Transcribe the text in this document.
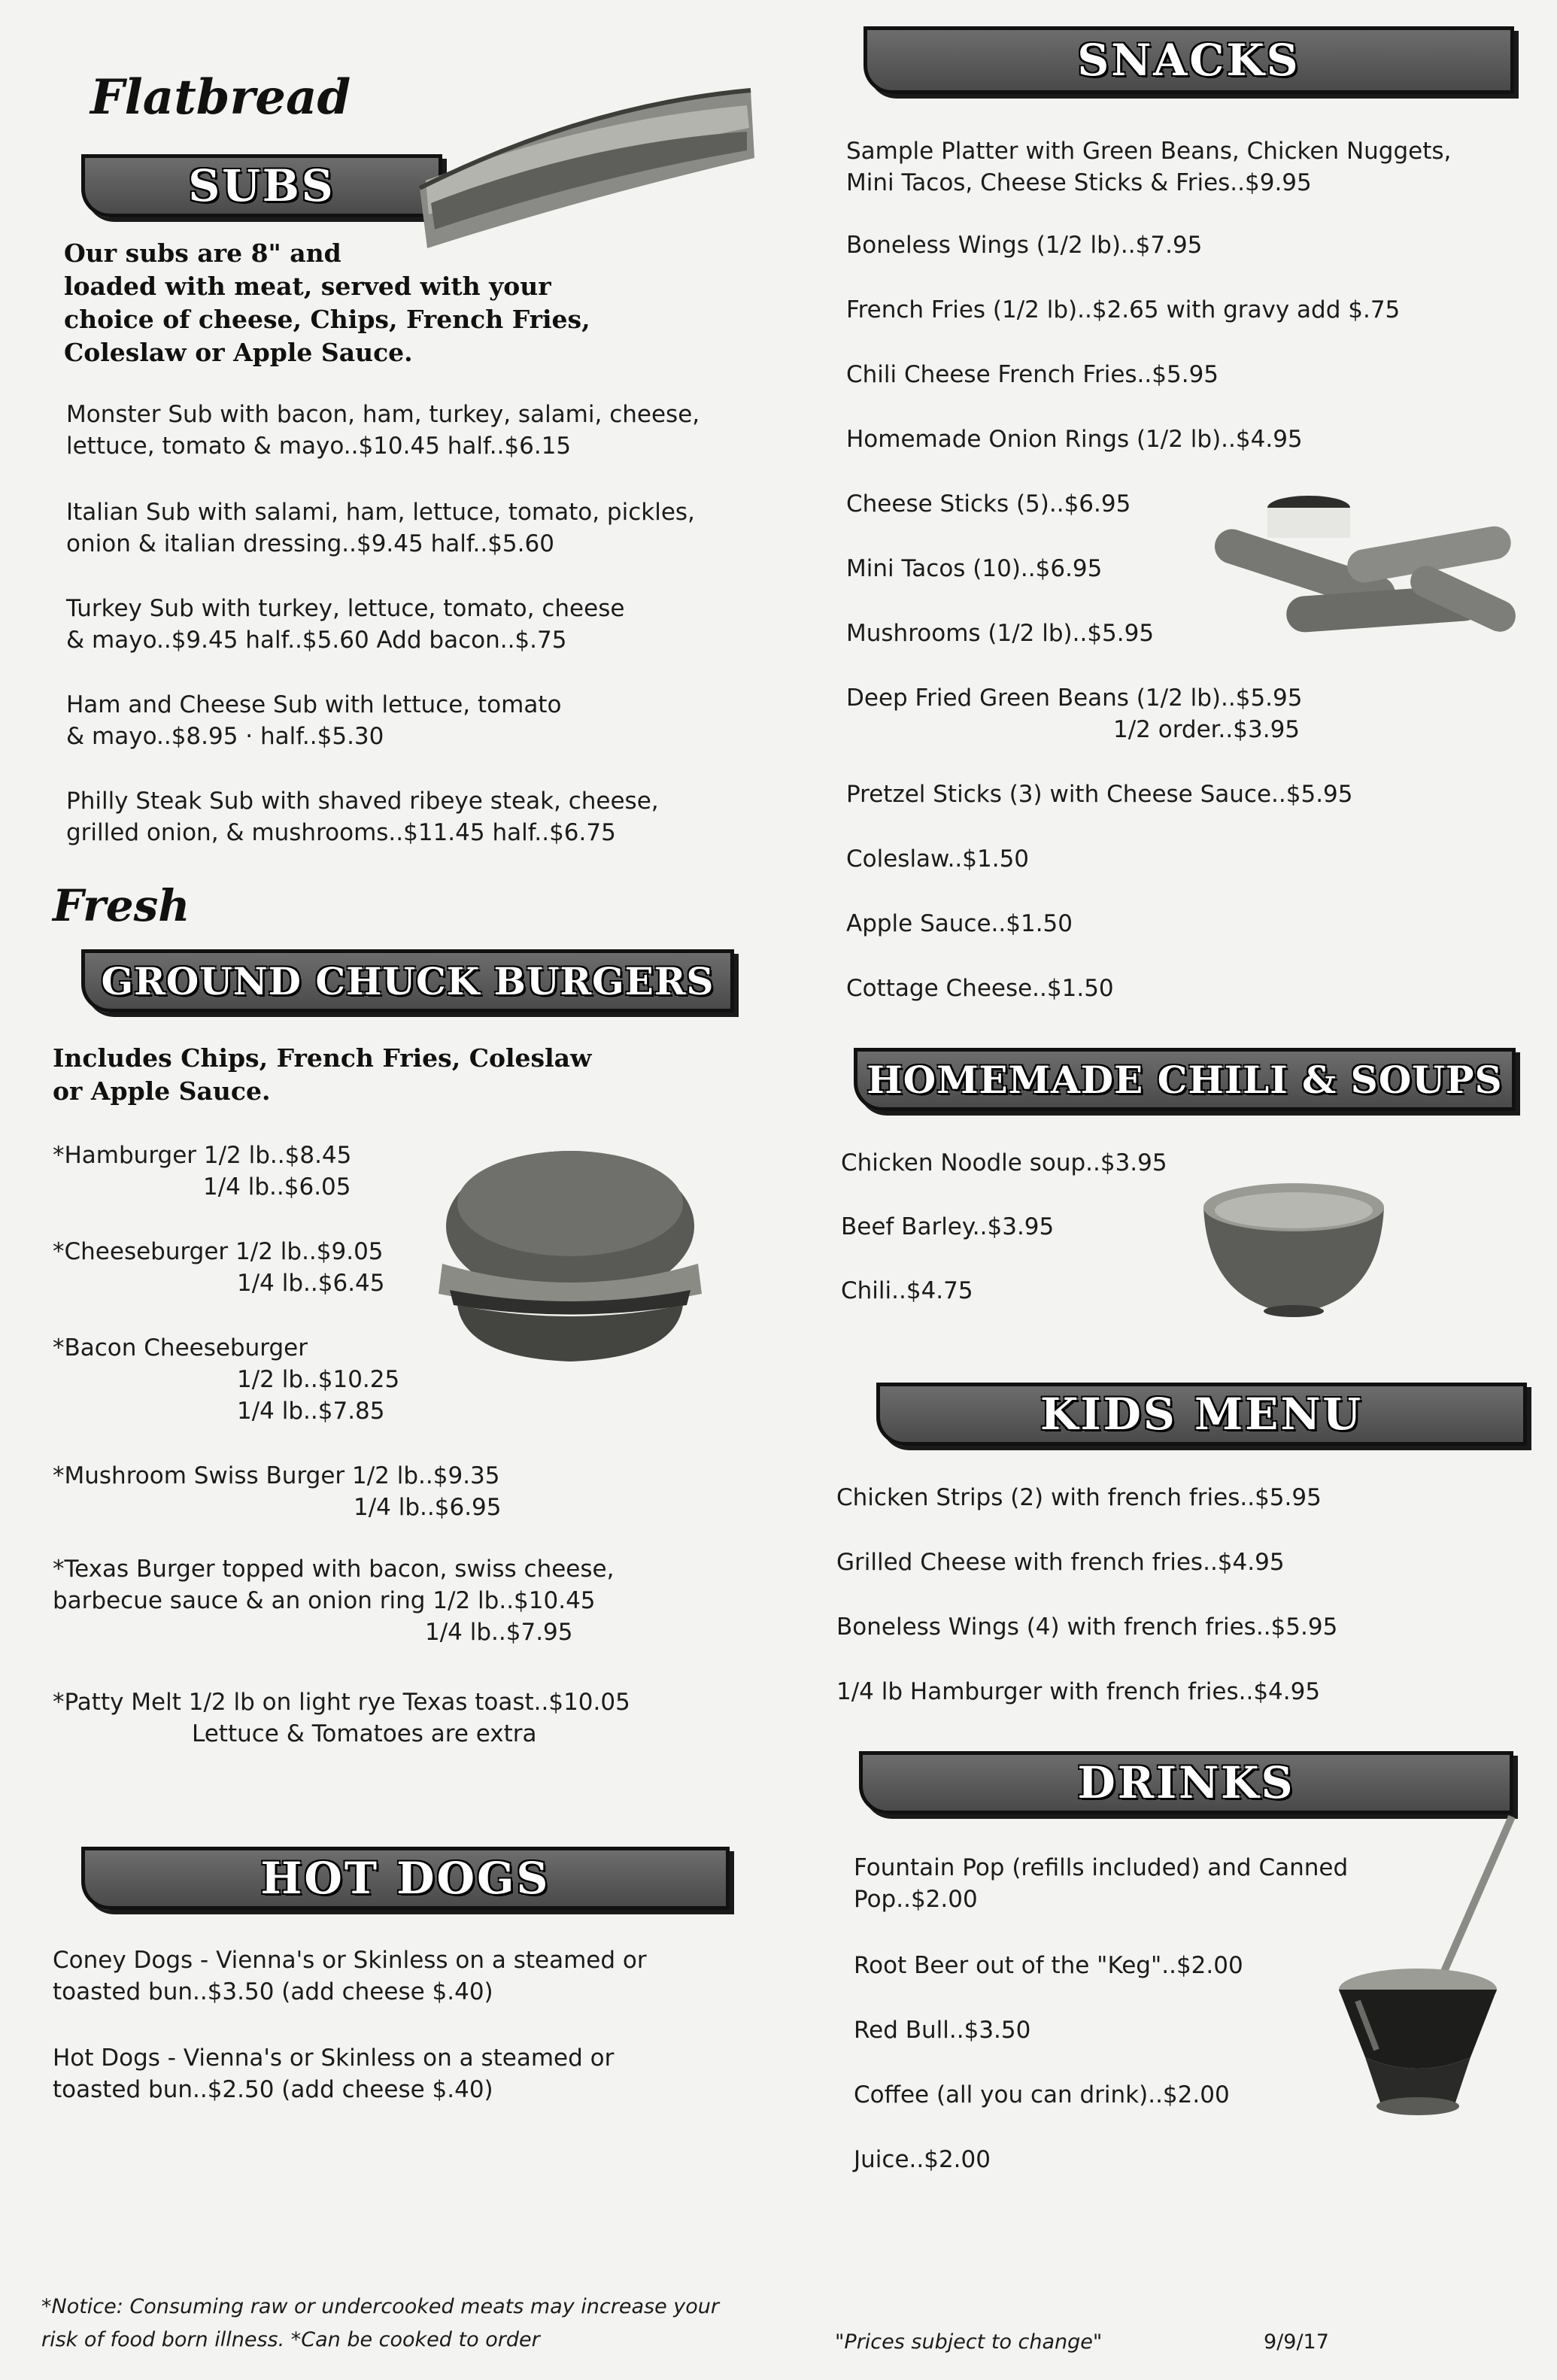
Flatbread
SUBS
Our subs are 8" and
loaded with meat, served with your
choice of cheese, Chips, French Fries,
Coleslaw or Apple Sauce.
Monster Sub with bacon, ham, turkey, salami, cheese,
lettuce, tomato & mayo..$10.45 half..$6.15
Italian Sub with salami, ham, lettuce, tomato, pickles,
onion & italian dressing..$9.45 half..$5.60
Turkey Sub with turkey, lettuce, tomato, cheese
& mayo..$9.45 half..$5.60 Add bacon..$.75
Ham and Cheese Sub with lettuce, tomato
& mayo..$8.95 · half..$5.30
Philly Steak Sub with shaved ribeye steak, cheese,
grilled onion, & mushrooms..$11.45 half..$6.75
Fresh
GROUND CHUCK BURGERS
Includes Chips, French Fries, Coleslaw
or Apple Sauce.
*Hamburger 1/2 lb..$8.45
1/4 lb..$6.05
*Cheeseburger 1/2 lb..$9.05
1/4 lb..$6.45
*Bacon Cheeseburger
1/2 lb..$10.25
1/4 lb..$7.85
*Mushroom Swiss Burger 1/2 lb..$9.35
1/4 lb..$6.95
*Texas Burger topped with bacon, swiss cheese,
barbecue sauce & an onion ring 1/2 lb..$10.45
1/4 lb..$7.95
*Patty Melt 1/2 lb on light rye Texas toast..$10.05
Lettuce & Tomatoes are extra
HOT DOGS
Coney Dogs - Vienna's or Skinless on a steamed or
toasted bun..$3.50 (add cheese $.40)
Hot Dogs - Vienna's or Skinless on a steamed or
toasted bun..$2.50 (add cheese $.40)
*Notice: Consuming raw or undercooked meats may increase your
risk of food born illness. *Can be cooked to order
SNACKS
Sample Platter with Green Beans, Chicken Nuggets,
Mini Tacos, Cheese Sticks & Fries..$9.95
Boneless Wings (1/2 lb)..$7.95
French Fries (1/2 lb)..$2.65 with gravy add $.75
Chili Cheese French Fries..$5.95
Homemade Onion Rings (1/2 lb)..$4.95
Cheese Sticks (5)..$6.95
Mini Tacos (10)..$6.95
Mushrooms (1/2 lb)..$5.95
Deep Fried Green Beans (1/2 lb)..$5.95
1/2 order..$3.95
Pretzel Sticks (3) with Cheese Sauce..$5.95
Coleslaw..$1.50
Apple Sauce..$1.50
Cottage Cheese..$1.50
HOMEMADE CHILI & SOUPS
Chicken Noodle soup..$3.95
Beef Barley..$3.95
Chili..$4.75
KIDS MENU
Chicken Strips (2) with french fries..$5.95
Grilled Cheese with french fries..$4.95
Boneless Wings (4) with french fries..$5.95
1/4 lb Hamburger with french fries..$4.95
DRINKS
Fountain Pop (refills included) and Canned
Pop..$2.00
Root Beer out of the "Keg"..$2.00
Red Bull..$3.50
Coffee (all you can drink)..$2.00
Juice..$2.00
"Prices subject to change"	9/9/17
